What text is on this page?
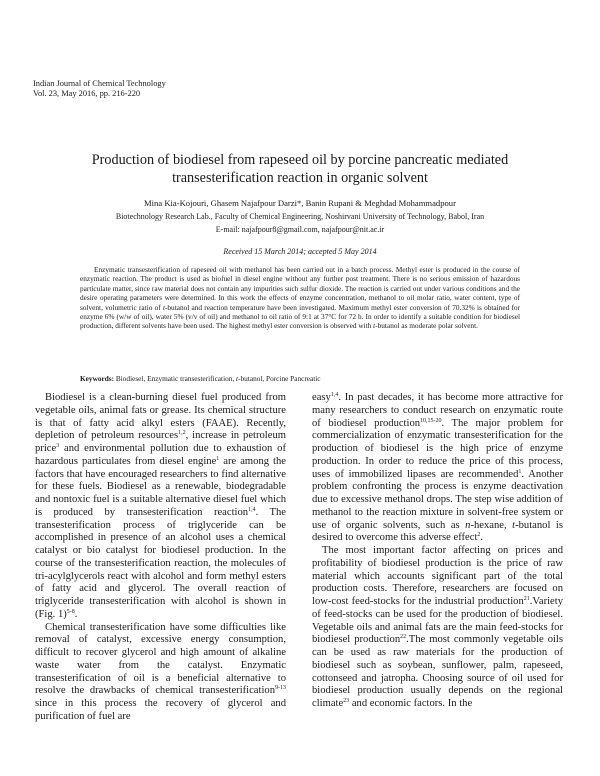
Indian Journal of Chemical Technology
Vol. 23, May 2016, pp. 216-220
Production of biodiesel from rapeseed oil by porcine pancreatic mediated
transesterification reaction in organic solvent
Mina Kia-Kojouri, Ghasem Najafpour Darzi*, Banin Rupani & Meghdad Mohammadpour
Biotechnology Research Lab., Faculty of Chemical Engineering, Noshirvani University of Technology, Babol, Iran
E-mail: najafpour8@gmail.com, najafpour@nit.ac.ir
Received 15 March 2014; accepted 5 May 2014
Enzymatic transesterification of rapeseed oil with methanol has been carried out in a batch process. Methyl ester is produced in the course of enzymatic reaction. The product is used as biofuel in diesel engine without any further post treatment. There is no serious emission of hazardous particulate matter, since raw material does not contain any impurities such sulfur dioxide. The reaction is carried out under various conditions and the desire operating parameters were determined. In this work the effects of enzyme concentration, methanol to oil molar ratio, water content, type of solvent, volumetric ratio of t-butanol and reaction temperature have been investigated. Maximum methyl ester conversion of 70.32% is obtained for enzyme 6% (w/w of oil), water 5% (v/v of oil) and methanol to oil ratio of 9:1 at 37°C for 72 h. In order to identify a suitable condition for biodiesel production, different solvents have been used. The highest methyl ester conversion is observed with t-butanol as moderate polar solvent.
Keywords: Biodiesel, Enzymatic transesterification, t-butanol, Porcine Pancreatic

Biodiesel is a clean-burning diesel fuel produced from vegetable oils, animal fats or grease. Its chemical structure is that of fatty acid alkyl esters (FAAE). Recently, depletion of petroleum resources$^{1,2}$, increase in petroleum price$^3$ and environmental pollution due to exhaustion of hazardous particulates from diesel engine$^1$ are among the factors that have encouraged researchers to find alternative for these fuels. Biodiesel as a renewable, biodegradable and nontoxic fuel is a suitable alternative diesel fuel which is produced by transesterification reaction$^{1,4}$. The transesterification process of triglyceride can be accomplished in presence of an alcohol uses a chemical catalyst or bio catalyst for biodiesel production. In the course of the transesterification reaction, the molecules of tri-acylglycerols react with alcohol and form methyl esters of fatty acid and glycerol. The overall reaction of triglyceride transesterification with alcohol is shown in (Fig. 1)$^{5-8}$.

Chemical transesterification have some difficulties like removal of catalyst, excessive energy consumption, difficult to recover glycerol and high amount of alkaline waste water from the catalyst. Enzymatic transesterification of oil is a beneficial alternative to resolve the drawbacks of chemical transesterification$^{9-13}$ since in this process the recovery of glycerol and purification of fuel are

easy$^{1,4}$. In past decades, it has become more attractive for many researchers to conduct research on enzymatic route of biodiesel production$^{10,15-20}$. The major problem for commercialization of enzymatic transesterification for the production of biodiesel is the high price of enzyme production. In order to reduce the price of this process, uses of immobilized lipases are recommended$^1$. Another problem confronting the process is enzyme deactivation due to excessive methanol drops. The step wise addition of methanol to the reaction mixture in solvent-free system or use of organic solvents, such as n-hexane, t-butanol is desired to overcome this adverse effect$^2$.

The most important factor affecting on prices and profitability of biodiesel production is the price of raw material which accounts significant part of the total production costs. Therefore, researchers are focused on low-cost feed-stocks for the industrial production$^{21}$.Variety of feed-stocks can be used for the production of biodiesel. Vegetable oils and animal fats are the main feed-stocks for biodiesel production$^{22}$.The most commonly vegetable oils can be used as raw materials for the production of biodiesel such as soybean, sunflower, palm, rapeseed, cottonseed and jatropha. Choosing source of oil used for biodiesel production usually depends on the regional climate$^{23}$ and economic factors. In the
